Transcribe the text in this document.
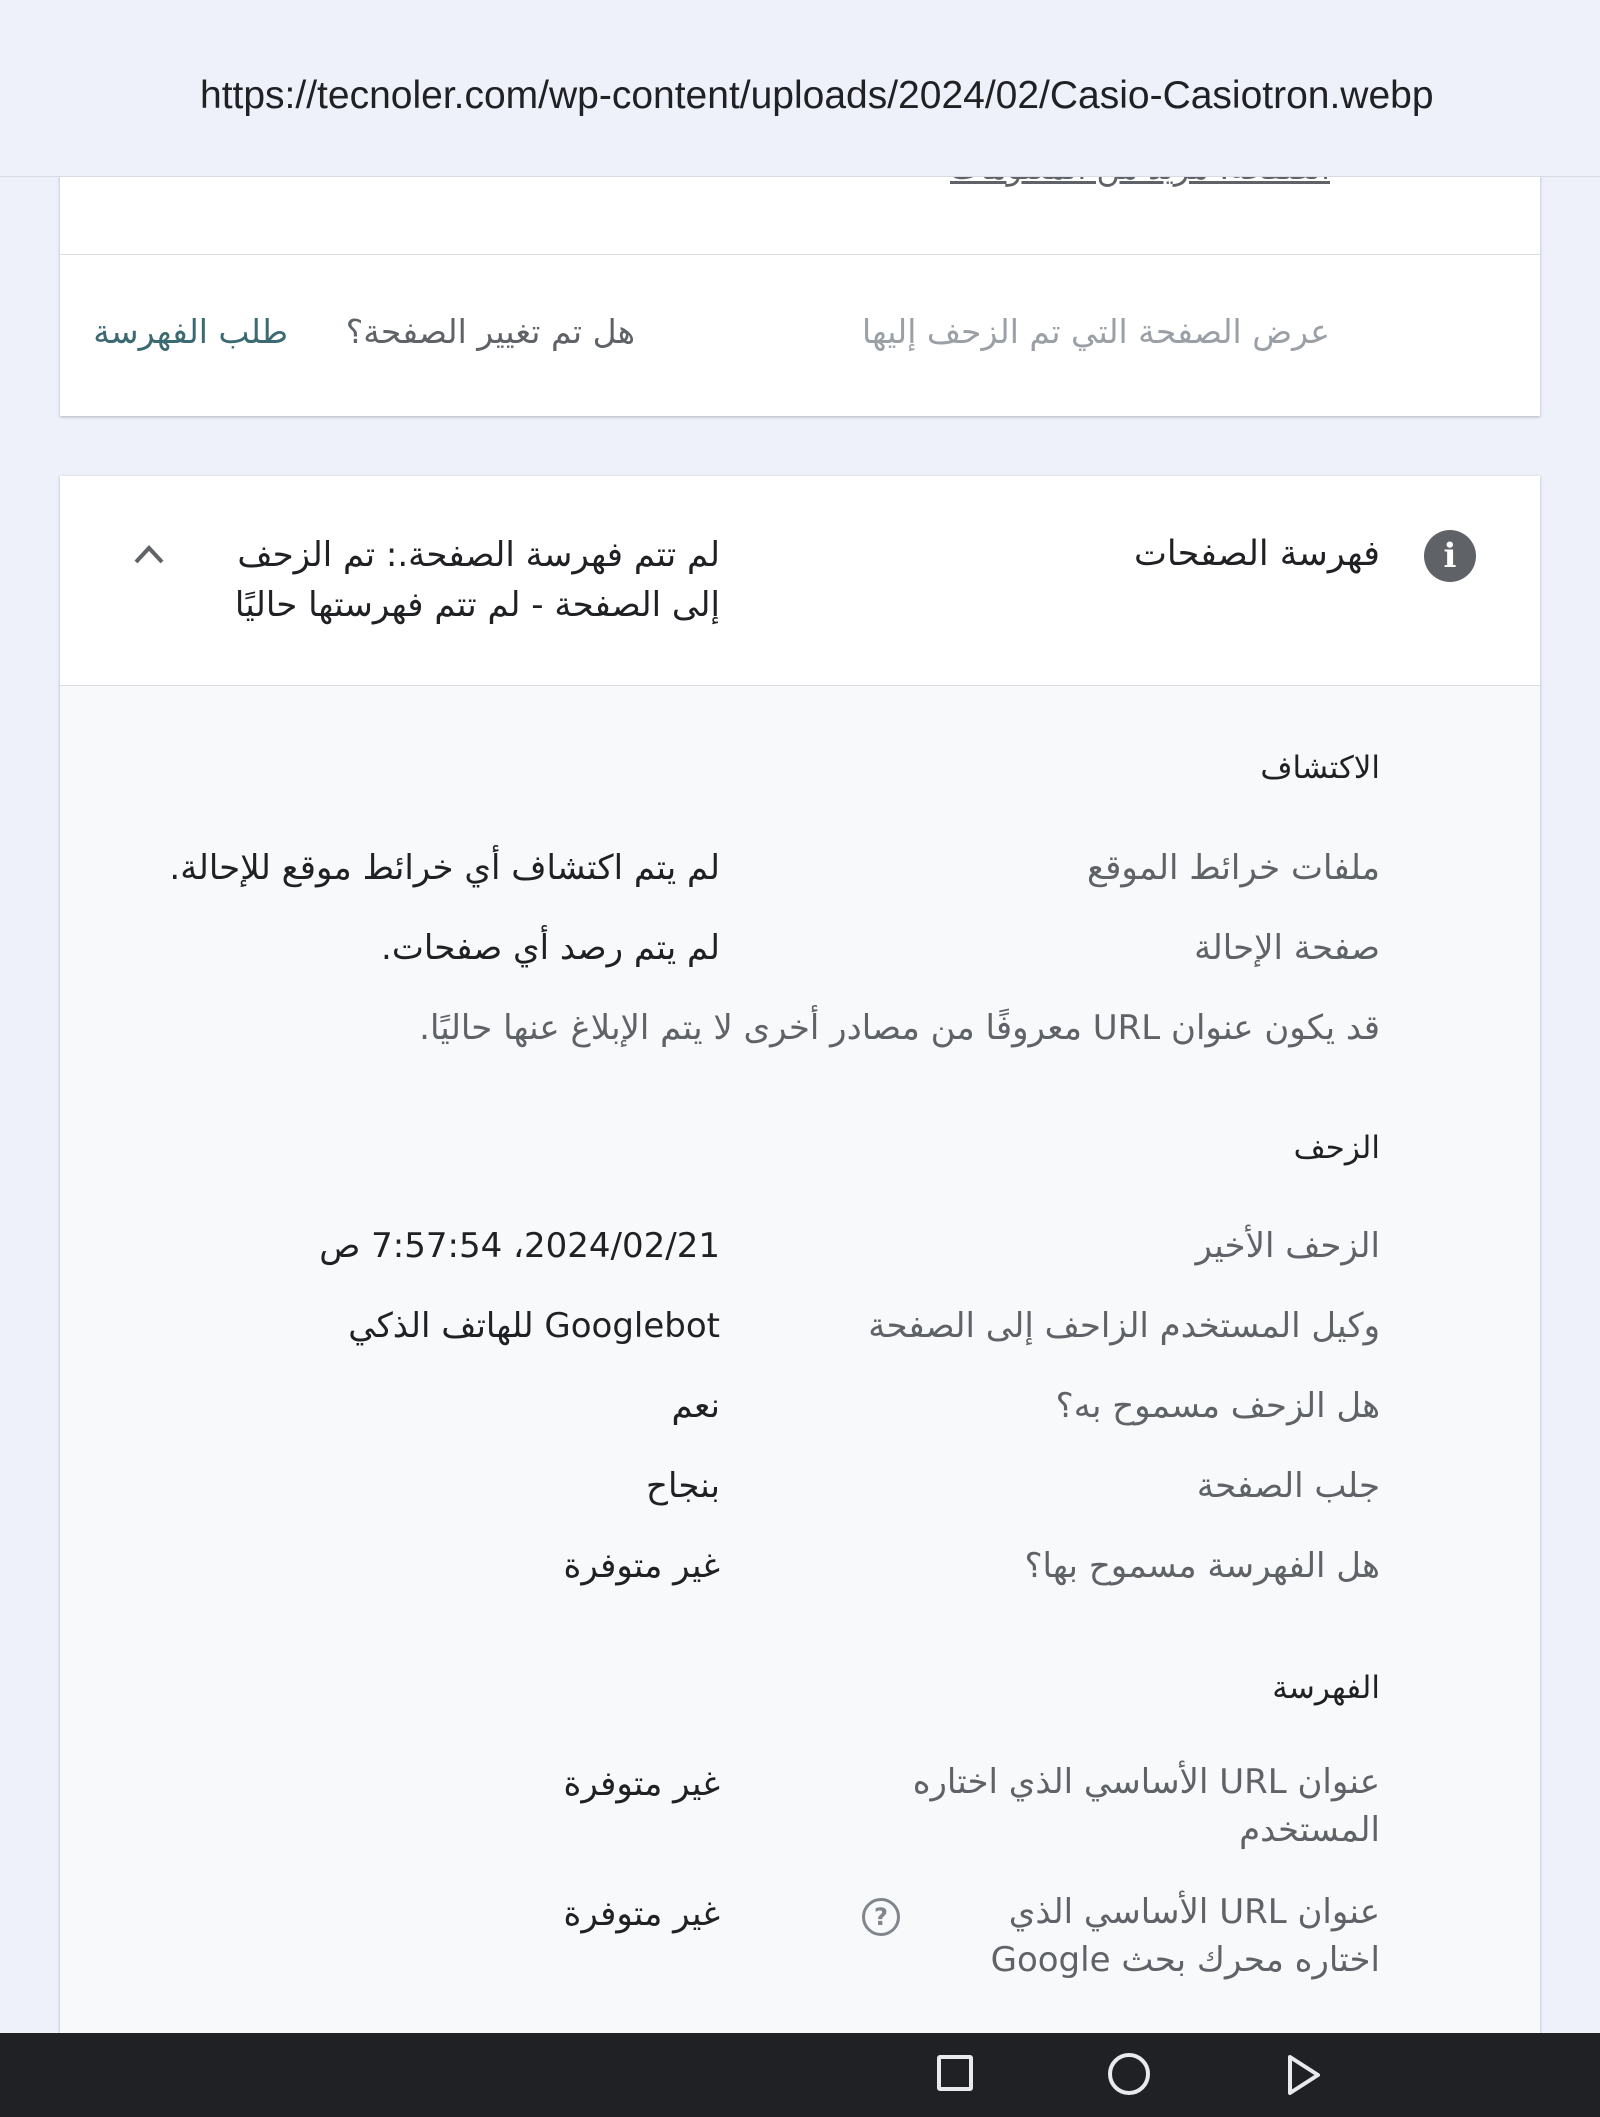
https://tecnoler.com/wp-content/uploads/2024/02/Casio-Casiotron.webp
عرض الصفحة التي تم الزحف إليها
هل تم تغيير الصفحة؟
طلب الفهرسة
i
فهرسة الصفحات
لم تتم فهرسة الصفحة.: تم الزحف إلى الصفحة - لم تتم فهرستها حاليًا
الاكتشاف
ملفات خرائط الموقع
لم يتم اكتشاف أي خرائط موقع للإحالة.
صفحة الإحالة
لم يتم رصد أي صفحات.
قد يكون عنوان URL معروفًا من مصادر أخرى لا يتم الإبلاغ عنها حاليًا.
الزحف
الزحف الأخير
2024/02/21، 7:57:54 ص
وكيل المستخدم الزاحف إلى الصفحة
Googlebot للهاتف الذكي
هل الزحف مسموح به؟
نعم
جلب الصفحة
بنجاح
هل الفهرسة مسموح بها؟
غير متوفرة
الفهرسة
عنوان URL الأساسي الذي اختاره المستخدم
غير متوفرة
عنوان URL الأساسي الذي اختاره محرك بحث Google
?
غير متوفرة
